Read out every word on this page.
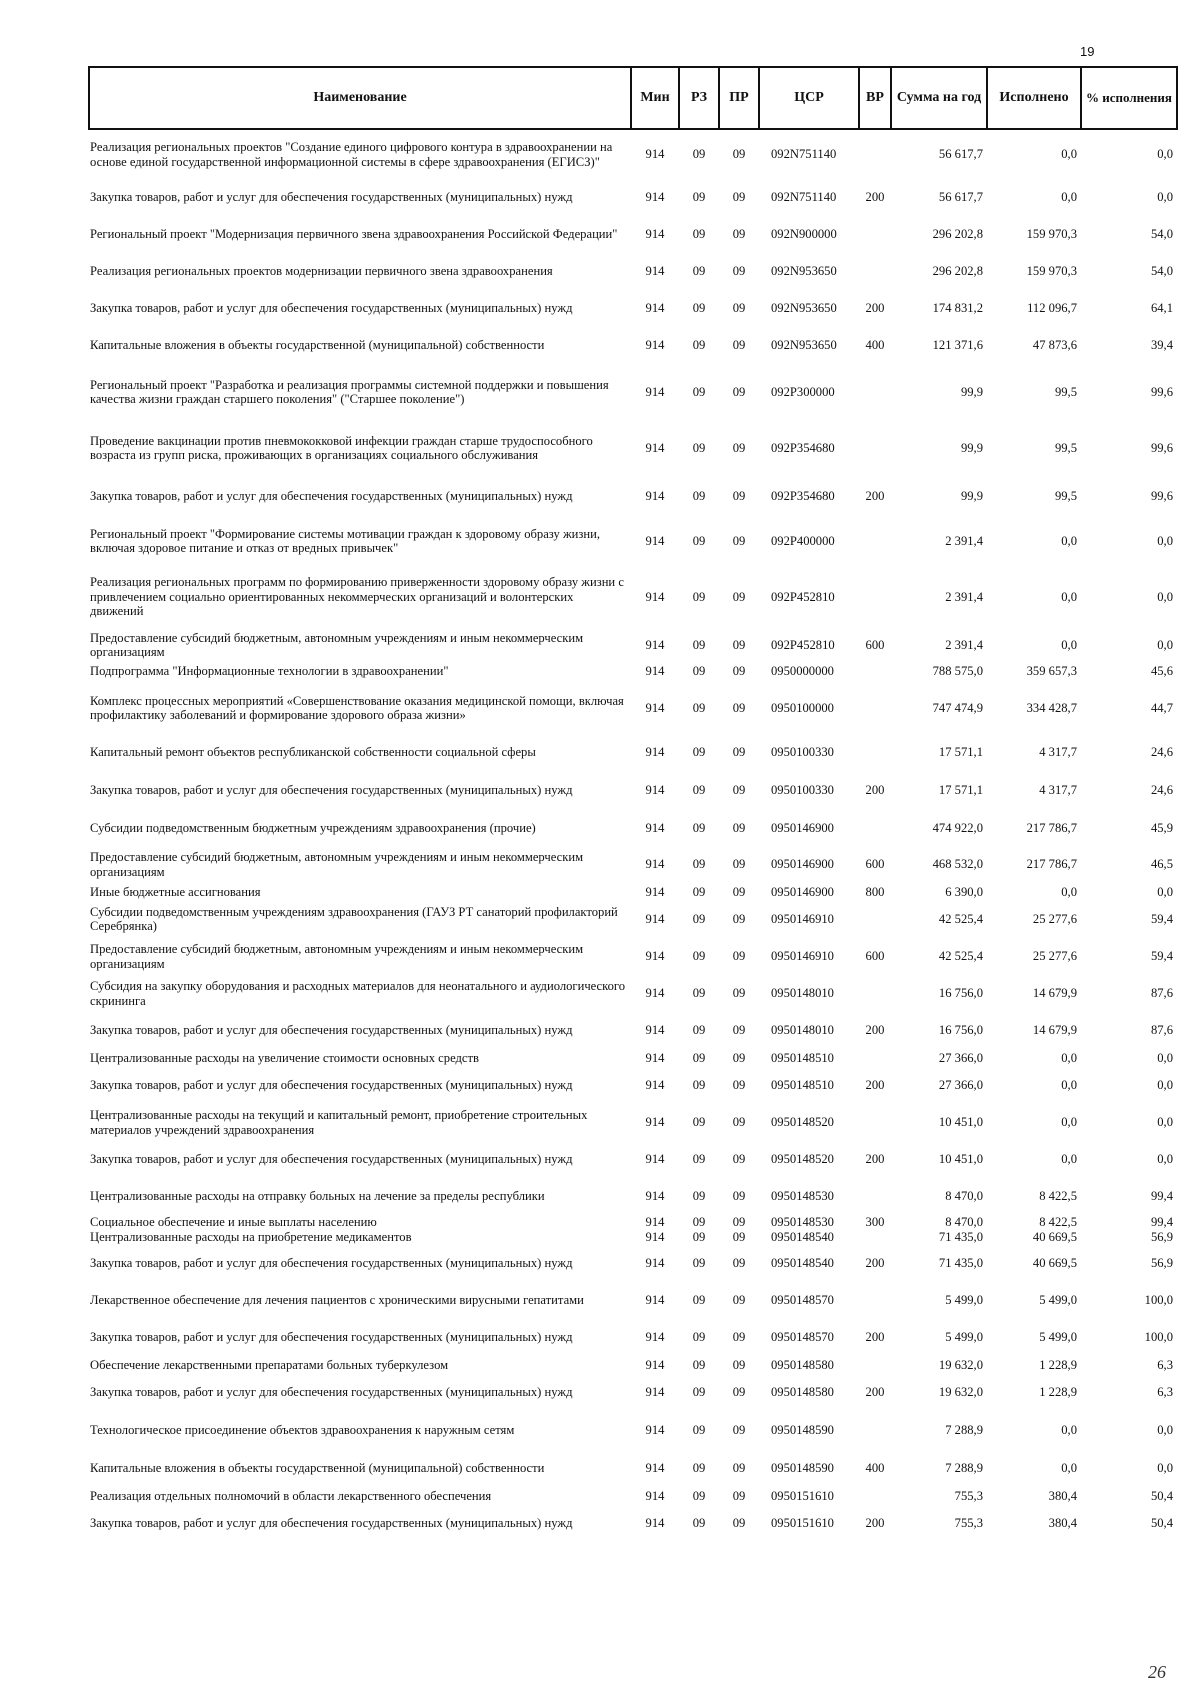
19
Наименование	Мин	РЗ	ПР	ЦСР	ВР	Сумма на год	Исполнено	% исполнения
Реализация региональных проектов "Создание единого цифрового контура в здравоохранении на основе единой государственной информационной системы в сфере здравоохранения (ЕГИСЗ)"	914	09	09	092N751140		56 617,7	0,0	0,0
Закупка товаров, работ и услуг для обеспечения государственных (муниципальных) нужд	914	09	09	092N751140	200	56 617,7	0,0	0,0
Региональный проект "Модернизация первичного звена здравоохранения Российской Федерации"	914	09	09	092N900000		296 202,8	159 970,3	54,0
Реализация региональных проектов модернизации первичного звена здравоохранения	914	09	09	092N953650		296 202,8	159 970,3	54,0
Закупка товаров, работ и услуг для обеспечения государственных (муниципальных) нужд	914	09	09	092N953650	200	174 831,2	112 096,7	64,1
Капитальные вложения в объекты государственной (муниципальной) собственности	914	09	09	092N953650	400	121 371,6	47 873,6	39,4
Региональный проект "Разработка и реализация программы системной поддержки и повышения качества жизни граждан старшего поколения" ("Старшее поколение")	914	09	09	092P300000		99,9	99,5	99,6
Проведение вакцинации против пневмококковой инфекции граждан старше трудоспособного возраста из групп риска, проживающих в организациях социального обслуживания	914	09	09	092P354680		99,9	99,5	99,6
Закупка товаров, работ и услуг для обеспечения государственных (муниципальных) нужд	914	09	09	092P354680	200	99,9	99,5	99,6
Региональный проект "Формирование системы мотивации граждан к здоровому образу жизни, включая здоровое питание и отказ от вредных привычек"	914	09	09	092P400000		2 391,4	0,0	0,0
Реализация региональных программ по формированию приверженности здоровому образу жизни с привлечением социально ориентированных некоммерческих организаций и волонтерских движений	914	09	09	092P452810		2 391,4	0,0	0,0
Предоставление субсидий бюджетным, автономным учреждениям и иным некоммерческим организациям	914	09	09	092P452810	600	2 391,4	0,0	0,0
Подпрограмма "Информационные технологии в здравоохранении"	914	09	09	0950000000		788 575,0	359 657,3	45,6
Комплекс процессных мероприятий «Совершенствование оказания медицинской помощи, включая профилактику заболеваний и формирование здорового образа жизни»	914	09	09	0950100000		747 474,9	334 428,7	44,7
Капитальный ремонт объектов республиканской собственности социальной сферы	914	09	09	0950100330		17 571,1	4 317,7	24,6
Закупка товаров, работ и услуг для обеспечения государственных (муниципальных) нужд	914	09	09	0950100330	200	17 571,1	4 317,7	24,6
Субсидии подведомственным бюджетным учреждениям здравоохранения (прочие)	914	09	09	0950146900		474 922,0	217 786,7	45,9
Предоставление субсидий бюджетным, автономным учреждениям и иным некоммерческим организациям	914	09	09	0950146900	600	468 532,0	217 786,7	46,5
Иные бюджетные ассигнования	914	09	09	0950146900	800	6 390,0	0,0	0,0
Субсидии подведомственным учреждениям здравоохранения (ГАУЗ РТ санаторий профилакторий Серебрянка)	914	09	09	0950146910		42 525,4	25 277,6	59,4
Предоставление субсидий бюджетным, автономным учреждениям и иным некоммерческим организациям	914	09	09	0950146910	600	42 525,4	25 277,6	59,4
Субсидия на закупку оборудования и расходных материалов для неонатального и аудиологического скрининга	914	09	09	0950148010		16 756,0	14 679,9	87,6
Закупка товаров, работ и услуг для обеспечения государственных (муниципальных) нужд	914	09	09	0950148010	200	16 756,0	14 679,9	87,6
Централизованные расходы на увеличение стоимости основных средств	914	09	09	0950148510		27 366,0	0,0	0,0
Закупка товаров, работ и услуг для обеспечения государственных (муниципальных) нужд	914	09	09	0950148510	200	27 366,0	0,0	0,0
Централизованные расходы на текущий и капитальный ремонт, приобретение строительных материалов учреждений здравоохранения	914	09	09	0950148520		10 451,0	0,0	0,0
Закупка товаров, работ и услуг для обеспечения государственных (муниципальных) нужд	914	09	09	0950148520	200	10 451,0	0,0	0,0
Централизованные расходы на отправку больных на лечение за пределы республики	914	09	09	0950148530		8 470,0	8 422,5	99,4
Социальное обеспечение и иные выплаты населению	914	09	09	0950148530	300	8 470,0	8 422,5	99,4
Централизованные расходы на приобретение медикаментов	914	09	09	0950148540		71 435,0	40 669,5	56,9
Закупка товаров, работ и услуг для обеспечения государственных (муниципальных) нужд	914	09	09	0950148540	200	71 435,0	40 669,5	56,9
Лекарственное обеспечение для лечения пациентов с хроническими вирусными гепатитами	914	09	09	0950148570		5 499,0	5 499,0	100,0
Закупка товаров, работ и услуг для обеспечения государственных (муниципальных) нужд	914	09	09	0950148570	200	5 499,0	5 499,0	100,0
Обеспечение лекарственными препаратами больных туберкулезом	914	09	09	0950148580		19 632,0	1 228,9	6,3
Закупка товаров, работ и услуг для обеспечения государственных (муниципальных) нужд	914	09	09	0950148580	200	19 632,0	1 228,9	6,3
Технологическое присоединение объектов здравоохранения к наружным сетям	914	09	09	0950148590		7 288,9	0,0	0,0
Капитальные вложения в объекты государственной (муниципальной) собственности	914	09	09	0950148590	400	7 288,9	0,0	0,0
Реализация отдельных полномочий в области лекарственного обеспечения	914	09	09	0950151610		755,3	380,4	50,4
Закупка товаров, работ и услуг для обеспечения государственных (муниципальных) нужд	914	09	09	0950151610	200	755,3	380,4	50,4
26
